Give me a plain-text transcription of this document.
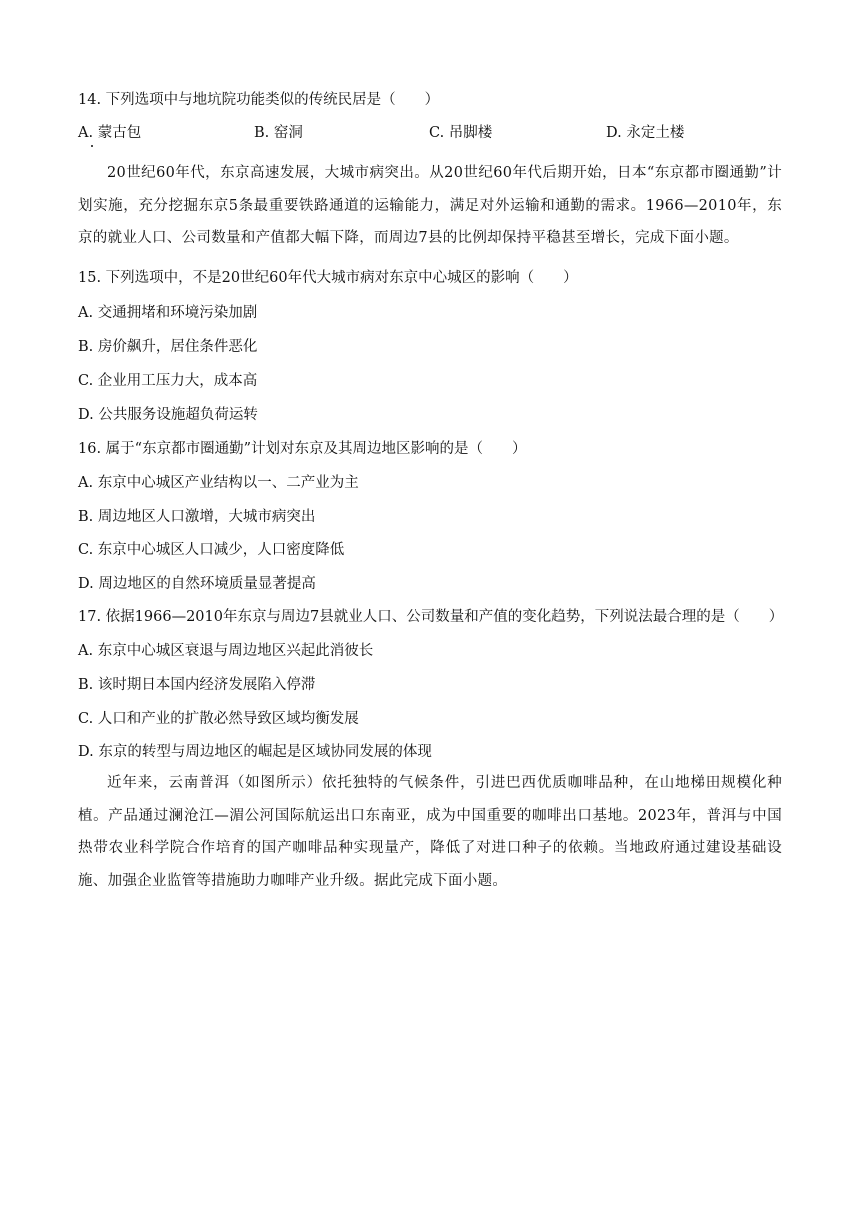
14. 下列选项中与地坑院功能类似的传统民居是（　　）
A. 蒙古包	B. 窑洞	C. 吊脚楼	D. 永定土楼
20世纪60年代，东京高速发展，大城市病突出。从20世纪60年代后期开始，日本“东京都市圈通勤”计划实施，充分挖掘东京5条最重要铁路通道的运输能力，满足对外运输和通勤的需求。1966—2010年，东京的就业人口、公司数量和产值都大幅下降，而周边7县的比例却保持平稳甚至增长，完成下面小题。
15. 下列选项中，不是20世纪60年代大城市病对东京中心城区的影响（　　）
A. 交通拥堵和环境污染加剧
B. 房价飙升，居住条件恶化
C. 企业用工压力大，成本高
D. 公共服务设施超负荷运转
16. 属于“东京都市圈通勤”计划对东京及其周边地区影响的是（　　）
A. 东京中心城区产业结构以一、二产业为主
B. 周边地区人口激增，大城市病突出
C. 东京中心城区人口减少，人口密度降低
D. 周边地区的自然环境质量显著提高
17. 依据1966—2010年东京与周边7县就业人口、公司数量和产值的变化趋势，下列说法最合理的是（　　）
A. 东京中心城区衰退与周边地区兴起此消彼长
B. 该时期日本国内经济发展陷入停滞
C. 人口和产业的扩散必然导致区域均衡发展
D. 东京的转型与周边地区的崛起是区域协同发展的体现
近年来，云南普洱（如图所示）依托独特的气候条件，引进巴西优质咖啡品种，在山地梯田规模化种植。产品通过澜沧江—湄公河国际航运出口东南亚，成为中国重要的咖啡出口基地。2023年，普洱与中国热带农业科学院合作培育的国产咖啡品种实现量产，降低了对进口种子的依赖。当地政府通过建设基础设施、加强企业监管等措施助力咖啡产业升级。据此完成下面小题。
